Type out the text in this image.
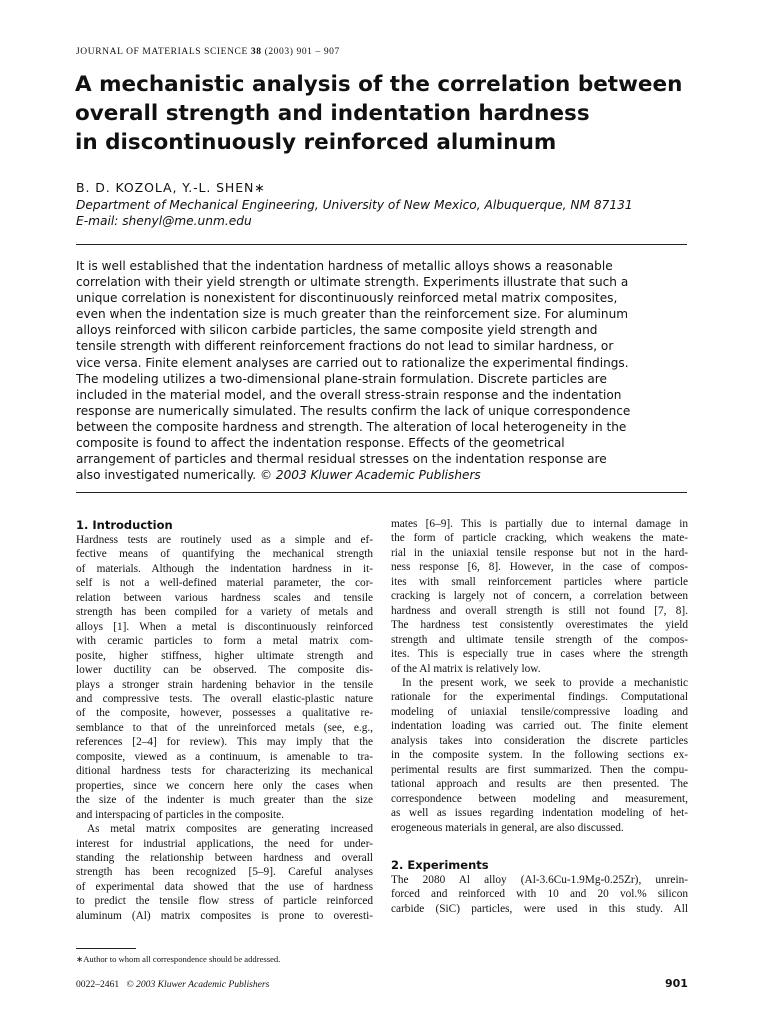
JOURNAL OF MATERIALS SCIENCE 38 (2003) 901 – 907
A mechanistic analysis of the correlation between
overall strength and indentation hardness
in discontinuously reinforced aluminum
B. D. KOZOLA, Y.-L. SHEN∗
Department of Mechanical Engineering, University of New Mexico, Albuquerque, NM 87131
E-mail: shenyl@me.unm.edu
It is well established that the indentation hardness of metallic alloys shows a reasonable
correlation with their yield strength or ultimate strength. Experiments illustrate that such a
unique correlation is nonexistent for discontinuously reinforced metal matrix composites,
even when the indentation size is much greater than the reinforcement size. For aluminum
alloys reinforced with silicon carbide particles, the same composite yield strength and
tensile strength with different reinforcement fractions do not lead to similar hardness, or
vice versa. Finite element analyses are carried out to rationalize the experimental findings.
The modeling utilizes a two-dimensional plane-strain formulation. Discrete particles are
included in the material model, and the overall stress-strain response and the indentation
response are numerically simulated. The results confirm the lack of unique correspondence
between the composite hardness and strength. The alteration of local heterogeneity in the
composite is found to affect the indentation response. Effects of the geometrical
arrangement of particles and thermal residual stresses on the indentation response are
also investigated numerically. © 2003 Kluwer Academic Publishers
1. Introduction
Hardness tests are routinely used as a simple and ef-
fective means of quantifying the mechanical strength
of materials. Although the indentation hardness in it-
self is not a well-defined material parameter, the cor-
relation between various hardness scales and tensile
strength has been compiled for a variety of metals and
alloys [1]. When a metal is discontinuously reinforced
with ceramic particles to form a metal matrix com-
posite, higher stiffness, higher ultimate strength and
lower ductility can be observed. The composite dis-
plays a stronger strain hardening behavior in the tensile
and compressive tests. The overall elastic-plastic nature
of the composite, however, possesses a qualitative re-
semblance to that of the unreinforced metals (see, e.g.,
references [2–4] for review). This may imply that the
composite, viewed as a continuum, is amenable to tra-
ditional hardness tests for characterizing its mechanical
properties, since we concern here only the cases when
the size of the indenter is much greater than the size
and interspacing of particles in the composite.
As metal matrix composites are generating increased
interest for industrial applications, the need for under-
standing the relationship between hardness and overall
strength has been recognized [5–9]. Careful analyses
of experimental data showed that the use of hardness
to predict the tensile flow stress of particle reinforced
aluminum (Al) matrix composites is prone to overesti-
mates [6–9]. This is partially due to internal damage in
the form of particle cracking, which weakens the mate-
rial in the uniaxial tensile response but not in the hard-
ness response [6, 8]. However, in the case of compos-
ites with small reinforcement particles where particle
cracking is largely not of concern, a correlation between
hardness and overall strength is still not found [7, 8].
The hardness test consistently overestimates the yield
strength and ultimate tensile strength of the compos-
ites. This is especially true in cases where the strength
of the Al matrix is relatively low.
In the present work, we seek to provide a mechanistic
rationale for the experimental findings. Computational
modeling of uniaxial tensile/compressive loading and
indentation loading was carried out. The finite element
analysis takes into consideration the discrete particles
in the composite system. In the following sections ex-
perimental results are first summarized. Then the compu-
tational approach and results are then presented. The
correspondence between modeling and measurement,
as well as issues regarding indentation modeling of het-
erogeneous materials in general, are also discussed.
2. Experiments
The 2080 Al alloy (Al-3.6Cu-1.9Mg-0.25Zr), unrein-
forced and reinforced with 10 and 20 vol.% silicon
carbide (SiC) particles, were used in this study. All
∗Author to whom all correspondence should be addressed.
0022–2461 © 2003 Kluwer Academic Publishers	901
